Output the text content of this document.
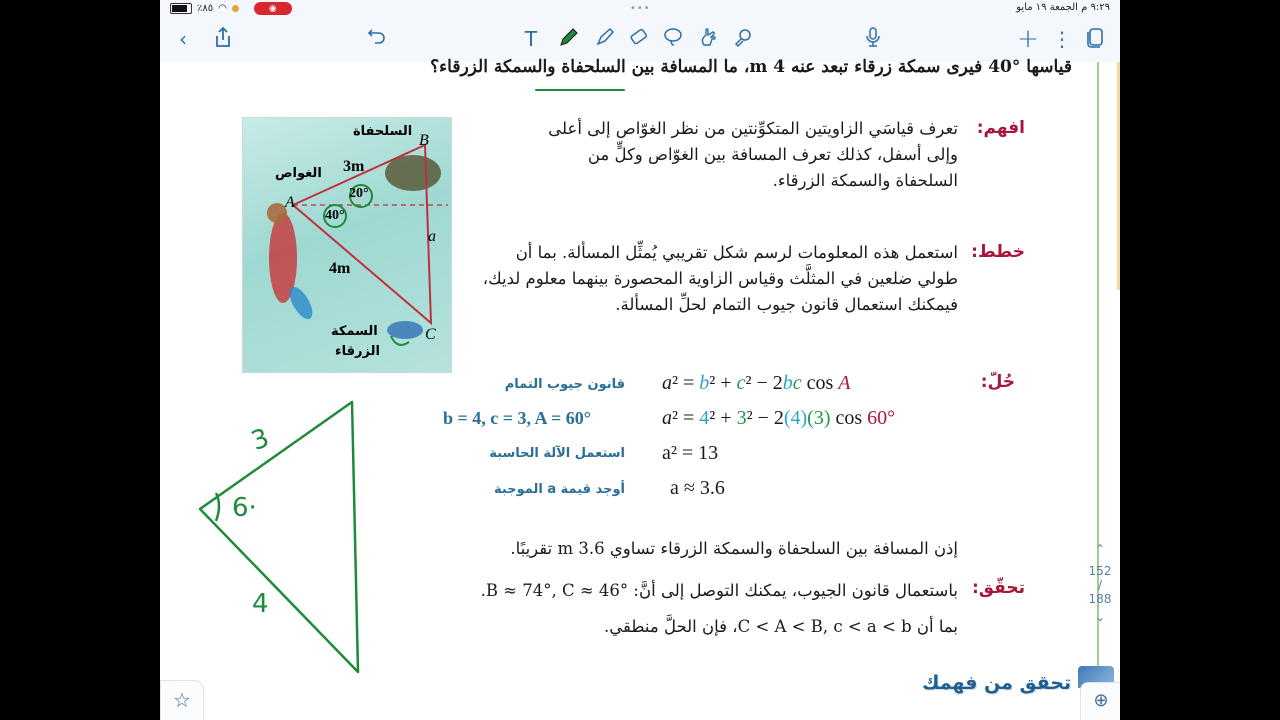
٪٨٥ ◠	◉	•••	٩:٢٩ م الجمعة ١٩ مايو
‹	T	+ ⋮
قياسها °40 فيرى سمكة زرقاء تبعد عنه 4 m، ما المسافة بين السلحفاة والسمكة الزرقاء؟
السلحفاة
B
الغواص
A
3m
20°
40°
a
4m
السمكة
الزرقاء
C
افهم:
تعرف قياسَي الزاويتين المتكوِّنتين من نظر الغوّاص إلى أعلى وإلى أسفل، كذلك تعرف المسافة بين الغوّاص وكلٍّ من السلحفاة والسمكة الزرقاء.
خطط:
استعمل هذه المعلومات لرسم شكل تقريبي يُمثِّل المسألة. بما أن طولي ضلعين في المثلَّث وقياس الزاوية المحصورة بينهما معلوم لديك، فيمكنك استعمال قانون جيوب التمام لحلِّ المسألة.
حُلّ:
قانون جيوب التمام a² = b² + c² − 2bc cos A
b = 4, c = 3, A = 60°	a² = 4² + 3² − 2(4)(3) cos 60°
استعمل الآلة الحاسبة a² = 13
أوجد قيمة a الموجبة a ≈ 3.6
إذن المسافة بين السلحفاة والسمكة الزرقاء تساوي 3.6 m تقريبًا.
تحقّق:
باستعمال قانون الجيوب، يمكنك التوصل إلى أنَّ: B ≈ 74°, C ≈ 46°.
بما أن C < A < B, c < a < b، فإن الحلَّ منطقي.
3
6·
4
⌃
152
/
188
⌄
تحقق من فهمك
☆	⊕
